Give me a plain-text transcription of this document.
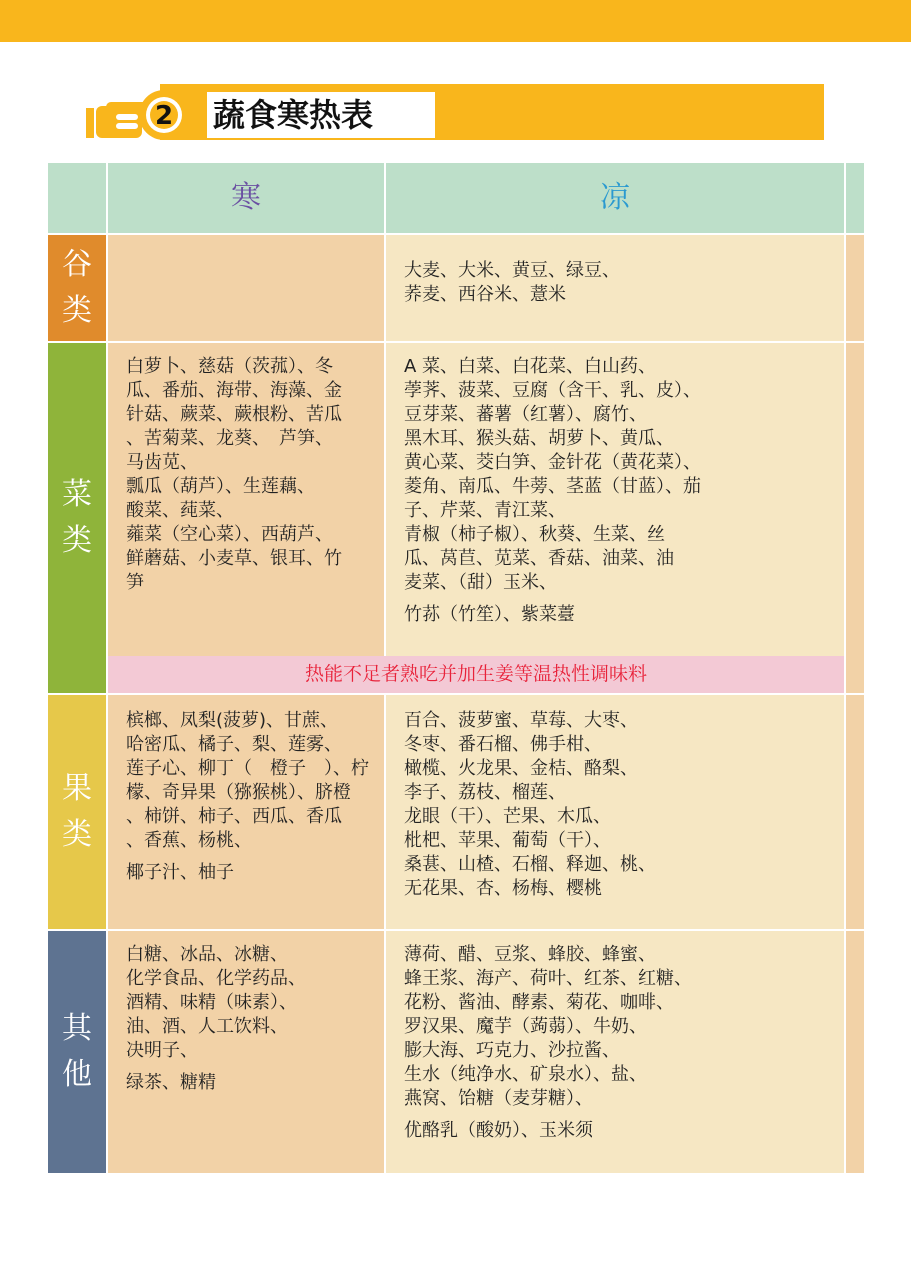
2 蔬食寒热表
寒	凉
谷
类

大麦、大米、黄豆、绿豆、

荞麦、西谷米、薏米

菜
类

白萝卜、慈菇（茨菰）、冬

瓜、番茄、海带、海藻、金

针菇、蕨菜、蕨根粉、苦瓜

、苦菊菜、龙葵、　芦笋、

马齿苋、

瓢瓜（葫芦）、生莲藕、

酸菜、莼菜、

蕹菜（空心菜）、西葫芦、

鲜蘑菇、小麦草、银耳、竹

笋

A 菜、白菜、白花菜、白山药、

荸荠、菠菜、豆腐（含干、乳、皮）、

豆芽菜、蕃薯（红薯）、腐竹、

黑木耳、猴头菇、胡萝卜、黄瓜、

黄心菜、茭白笋、金针花（黄花菜）、

菱角、南瓜、牛蒡、茎蓝（甘蓝）、茄

子、芹菜、青江菜、

青椒（柿子椒）、秋葵、生菜、丝

瓜、莴苣、苋菜、香菇、油菜、油

麦菜、（甜）玉米、

竹荪（竹笙）、紫菜薹

热能不足者熟吃并加生姜等温热性调味料
果
类

槟榔、凤梨(菠萝)、甘蔗、

哈密瓜、橘子、梨、莲雾、

莲子心、柳丁（　橙子　）、柠

檬、奇异果（猕猴桃）、脐橙

、柿饼、柿子、西瓜、香瓜

、香蕉、杨桃、

椰子汁、柚子

百合、菠萝蜜、草莓、大枣、

冬枣、番石榴、佛手柑、

橄榄、火龙果、金桔、酪梨、

李子、荔枝、榴莲、

龙眼（干）、芒果、木瓜、

枇杷、苹果、葡萄（干）、

桑葚、山楂、石榴、释迦、桃、

无花果、杏、杨梅、樱桃

其
他

白糖、冰品、冰糖、

化学食品、化学药品、

酒精、味精（味素）、

油、酒、人工饮料、

决明子、

绿茶、糖精

薄荷、醋、豆浆、蜂胶、蜂蜜、

蜂王浆、海产、荷叶、红茶、红糖、

花粉、酱油、酵素、菊花、咖啡、

罗汉果、魔芋（蒟蒻）、牛奶、

膨大海、巧克力、沙拉酱、

生水（纯净水、矿泉水）、盐、

燕窝、饴糖（麦芽糖）、

优酪乳（酸奶）、玉米须
